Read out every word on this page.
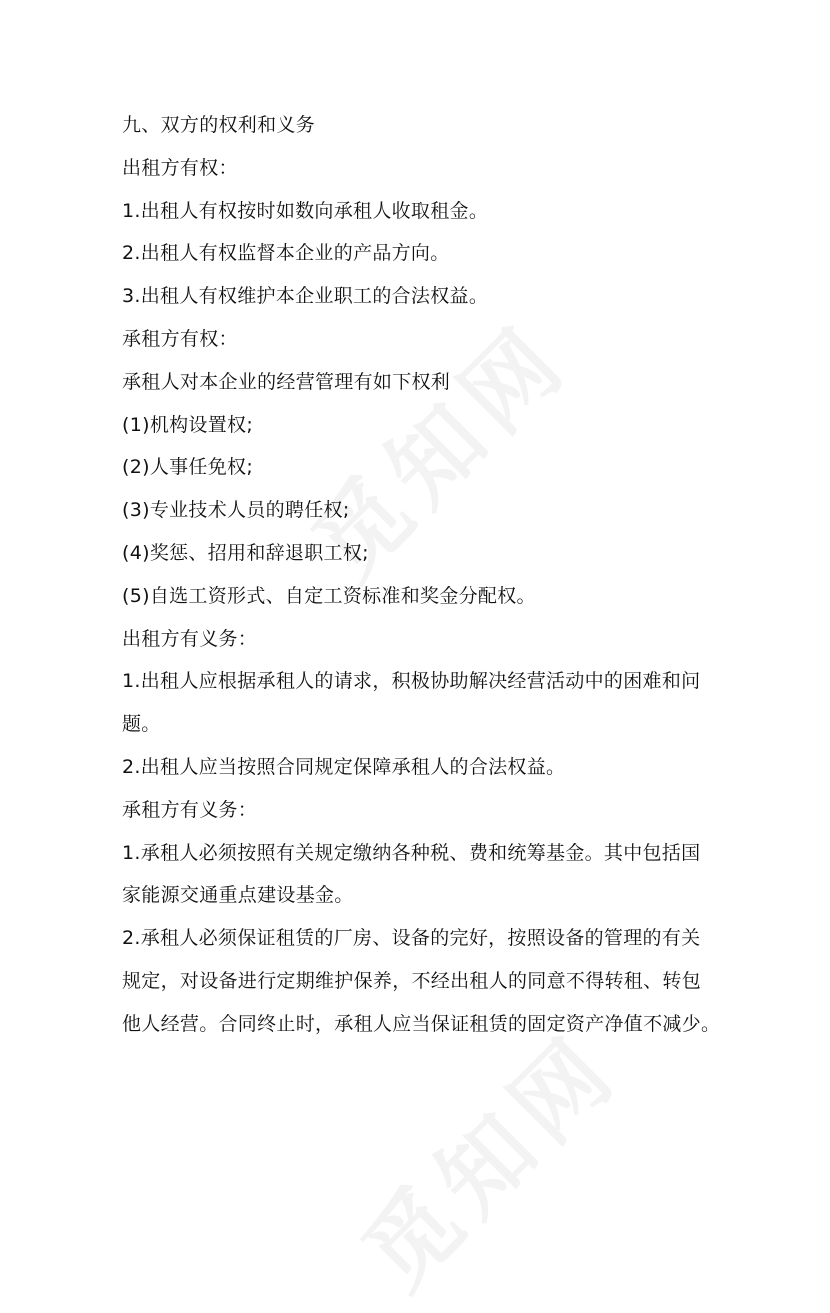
九、双方的权利和义务
出租方有权：
1.出租人有权按时如数向承租人收取租金。
2.出租人有权监督本企业的产品方向。
3.出租人有权维护本企业职工的合法权益。
承租方有权：
承租人对本企业的经营管理有如下权利
(1)机构设置权;
(2)人事任免权;
(3)专业技术人员的聘任权;
(4)奖惩、招用和辞退职工权;
(5)自选工资形式、自定工资标准和奖金分配权。
出租方有义务：
1.出租人应根据承租人的请求，积极协助解决经营活动中的困难和问
题。
2.出租人应当按照合同规定保障承租人的合法权益。
承租方有义务：
1.承租人必须按照有关规定缴纳各种税、费和统筹基金。其中包括国
家能源交通重点建设基金。
2.承租人必须保证租赁的厂房、设备的完好，按照设备的管理的有关
规定，对设备进行定期维护保养，不经出租人的同意不得转租、转包
他人经营。合同终止时，承租人应当保证租赁的固定资产净值不减少。
